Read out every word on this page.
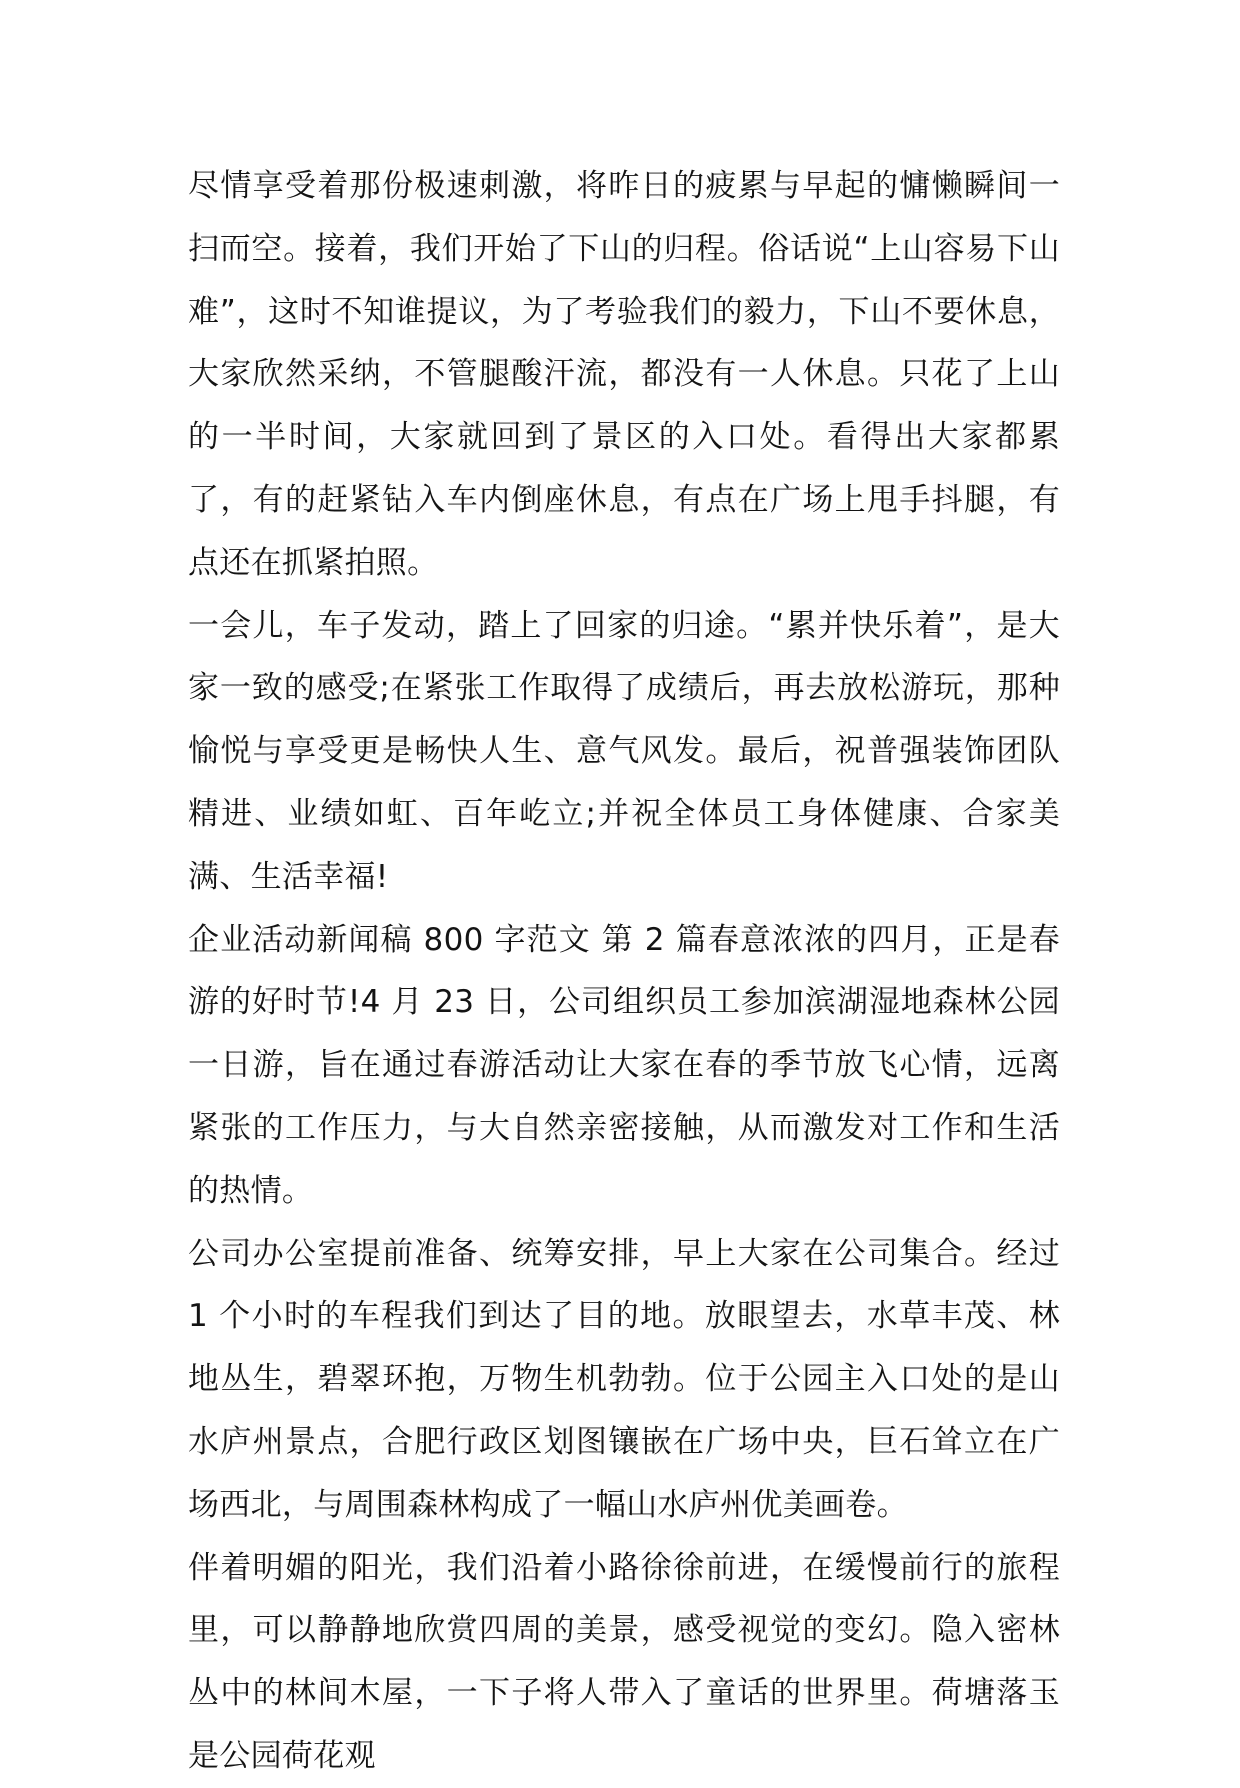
尽情享受着那份极速刺激，将昨日的疲累与早起的慵懒瞬间一扫而空。接着，我们开始了下山的归程。俗话说“上山容易下山难”，这时不知谁提议，为了考验我们的毅力，下山不要休息，大家欣然采纳，不管腿酸汗流，都没有一人休息。只花了上山的一半时间，大家就回到了景区的入口处。看得出大家都累了，有的赶紧钻入车内倒座休息，有点在广场上甩手抖腿，有点还在抓紧拍照。

一会儿，车子发动，踏上了回家的归途。“累并快乐着”，是大家一致的感受;在紧张工作取得了成绩后，再去放松游玩，那种愉悦与享受更是畅快人生、意气风发。最后，祝普强装饰团队精进、业绩如虹、百年屹立;并祝全体员工身体健康、合家美满、生活幸福!

企业活动新闻稿 800 字范文 第 2 篇春意浓浓的四月，正是春游的好时节!4 月 23 日，公司组织员工参加滨湖湿地森林公园一日游，旨在通过春游活动让大家在春的季节放飞心情，远离紧张的工作压力，与大自然亲密接触，从而激发对工作和生活的热情。

公司办公室提前准备、统筹安排，早上大家在公司集合。经过 1 个小时的车程我们到达了目的地。放眼望去，水草丰茂、林地丛生，碧翠环抱，万物生机勃勃。位于公园主入口处的是山水庐州景点，合肥行政区划图镶嵌在广场中央，巨石耸立在广场西北，与周围森林构成了一幅山水庐州优美画卷。

伴着明媚的阳光，我们沿着小路徐徐前进，在缓慢前行的旅程里，可以静静地欣赏四周的美景，感受视觉的变幻。隐入密林丛中的林间木屋，一下子将人带入了童话的世界里。荷塘落玉是公园荷花观
